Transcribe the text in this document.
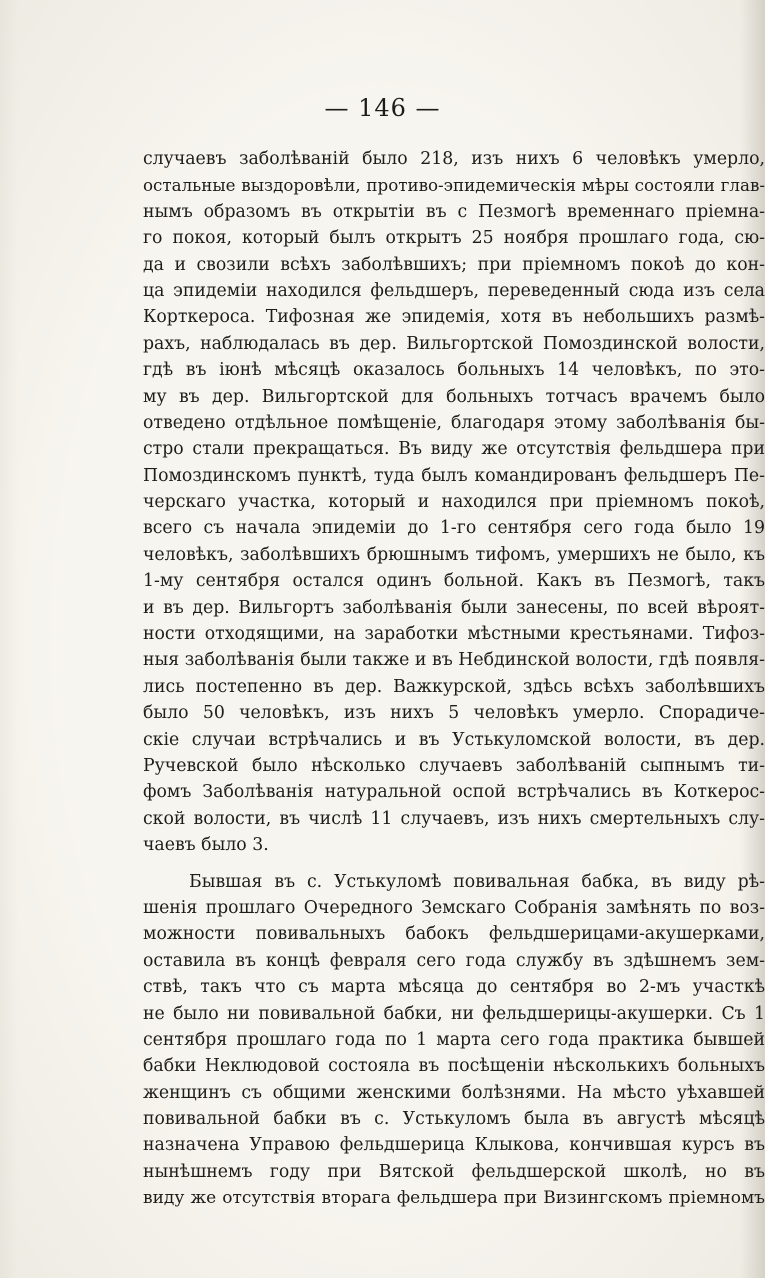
— 146 —
случаевъ заболѣваній было 218, изъ нихъ 6 человѣкъ умерло,
остальные выздоровѣли, противо-эпидемическія мѣры состояли глав-
нымъ образомъ въ открытіи въ с Пезмогѣ временнаго пріемна-
го покоя, который былъ открытъ 25 ноября прошлаго года, сю-
да и свозили всѣхъ заболѣвшихъ; при пріемномъ покоѣ до кон-
ца эпидеміи находился фельдшеръ, переведенный сюда изъ села
Корткероса. Тифозная же эпидемія, хотя въ небольшихъ размѣ-
рахъ, наблюдалась въ дер. Вильгортской Помоздинской волости,
гдѣ въ іюнѣ мѣсяцѣ оказалось больныхъ 14 человѣкъ, по это-
му въ дер. Вильгортской для больныхъ тотчасъ врачемъ было
отведено отдѣльное помѣщеніе, благодаря этому заболѣванія бы-
стро стали прекращаться. Въ виду же отсутствія фельдшера при
Помоздинскомъ пунктѣ, туда былъ командированъ фельдшеръ Пе-
черскаго участка, который и находился при пріемномъ покоѣ,
всего съ начала эпидеміи до 1-го сентября сего года было 19
человѣкъ, заболѣвшихъ брюшнымъ тифомъ, умершихъ не было, къ
1-му сентября остался одинъ больной. Какъ въ Пезмогѣ, такъ
и въ дер. Вильгортъ заболѣванія были занесены, по всей вѣроят-
ности отходящими, на заработки мѣстными крестьянами. Тифоз-
ныя заболѣванія были также и въ Небдинской волости, гдѣ появля-
лись постепенно въ дер. Важкурской, здѣсь всѣхъ заболѣвшихъ
было 50 человѣкъ, изъ нихъ 5 человѣкъ умерло. Спорадиче-
скіе случаи встрѣчались и въ Устькуломской волости, въ дер.
Ручевской было нѣсколько случаевъ заболѣваній сыпнымъ ти-
фомъ Заболѣванія натуральной оспой встрѣчались въ Коткерос-
ской волости, въ числѣ 11 случаевъ, изъ нихъ смертельныхъ слу-
чаевъ было 3.
Бывшая въ с. Устькуломѣ повивальная бабка, въ виду рѣ-
шенія прошлаго Очередного Земскаго Собранія замѣнять по воз-
можности повивальныхъ бабокъ фельдшерицами-акушерками,
оставила въ концѣ февраля сего года службу въ здѣшнемъ зем-
ствѣ, такъ что съ марта мѣсяца до сентября во 2-мъ участкѣ
не было ни повивальной бабки, ни фельдшерицы-акушерки. Съ 1
сентября прошлаго года по 1 марта сего года практика бывшей
бабки Неклюдовой состояла въ посѣщеніи нѣсколькихъ больныхъ
женщинъ съ общими женскими болѣзнями. На мѣсто уѣхавшей
повивальной бабки въ с. Устькуломъ была въ августѣ мѣсяцѣ
назначена Управою фельдшерица Клыкова, кончившая курсъ въ
нынѣшнемъ году при Вятской фельдшерской школѣ, но въ
виду же отсутствія вторага фельдшера при Визингскомъ пріемномъ
